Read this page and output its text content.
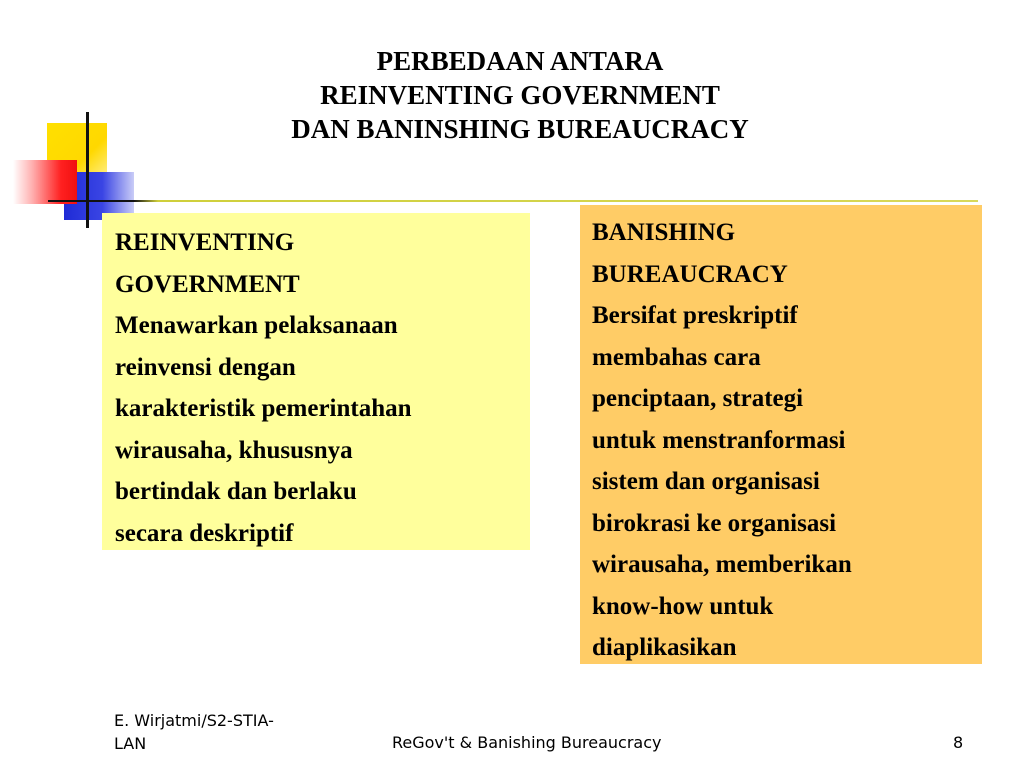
PERBEDAAN ANTARA
REINVENTING GOVERNMENT
DAN BANINSHING BUREAUCRACY
REINVENTING
GOVERNMENT
Menawarkan pelaksanaan
reinvensi dengan
karakteristik pemerintahan
wirausaha, khususnya
bertindak dan berlaku
secara deskriptif
BANISHING
BUREAUCRACY
Bersifat preskriptif
membahas cara
penciptaan, strategi
untuk menstranformasi
sistem dan organisasi
birokrasi ke organisasi
wirausaha, memberikan
know-how untuk
diaplikasikan
E. Wirjatmi/S2-STIA-
LAN	ReGov't & Banishing Bureaucracy	8
